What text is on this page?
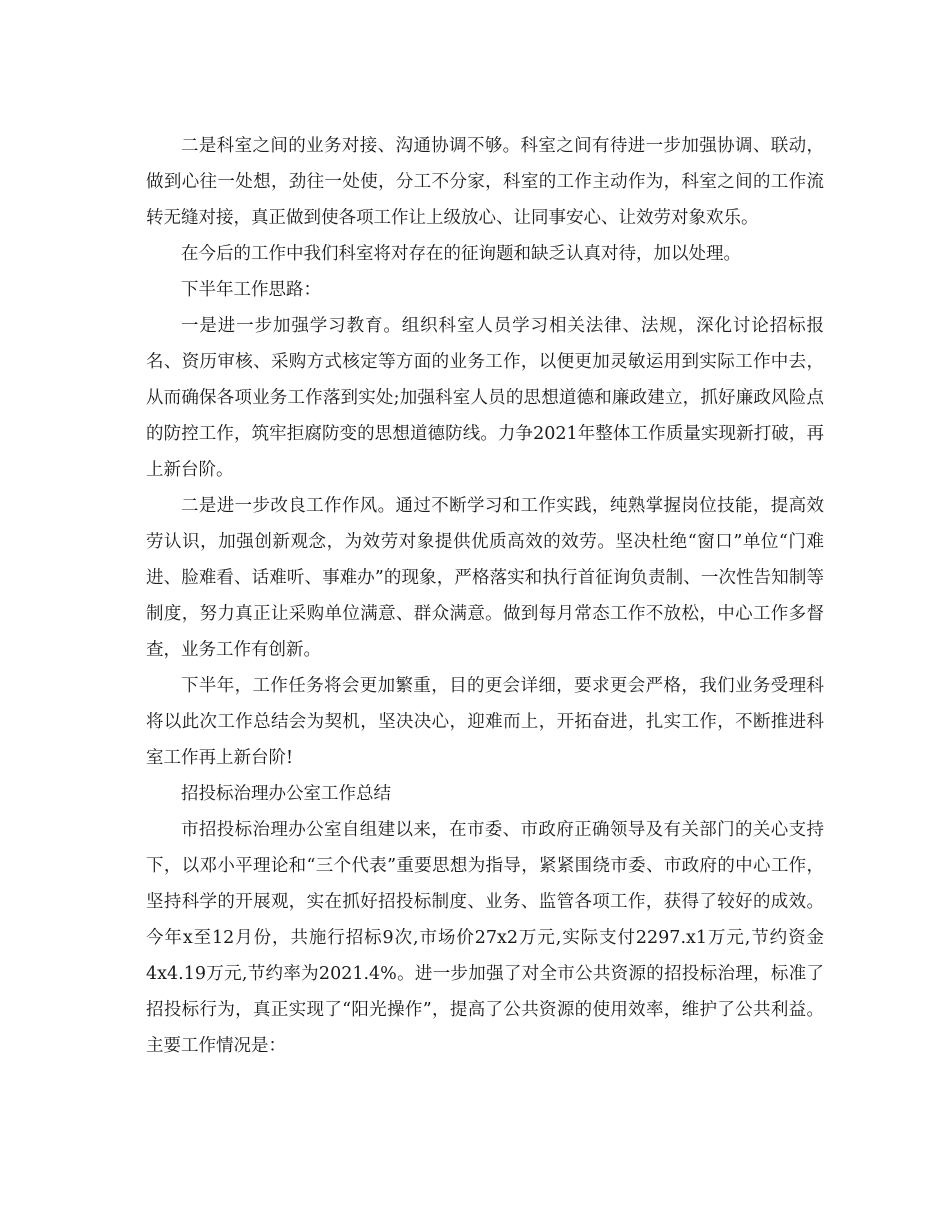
二是科室之间的业务对接、沟通协调不够。科室之间有待进一步加强协调、联动，做到心往一处想，劲往一处使，分工不分家，科室的工作主动作为，科室之间的工作流转无缝对接，真正做到使各项工作让上级放心、让同事安心、让效劳对象欢乐。

在今后的工作中我们科室将对存在的征询题和缺乏认真对待，加以处理。

下半年工作思路：

一是进一步加强学习教育。组织科室人员学习相关法律、法规，深化讨论招标报名、资历审核、采购方式核定等方面的业务工作，以便更加灵敏运用到实际工作中去，从而确保各项业务工作落到实处;加强科室人员的思想道德和廉政建立，抓好廉政风险点的防控工作，筑牢拒腐防变的思想道德防线。力争2021年整体工作质量实现新打破，再上新台阶。

二是进一步改良工作作风。通过不断学习和工作实践，纯熟掌握岗位技能，提高效劳认识，加强创新观念，为效劳对象提供优质高效的效劳。坚决杜绝“窗口”单位“门难进、脸难看、话难听、事难办”的现象，严格落实和执行首征询负责制、一次性告知制等制度，努力真正让采购单位满意、群众满意。做到每月常态工作不放松，中心工作多督查，业务工作有创新。

下半年，工作任务将会更加繁重，目的更会详细，要求更会严格，我们业务受理科将以此次工作总结会为契机，坚决决心，迎难而上，开拓奋进，扎实工作，不断推进科室工作再上新台阶!

招投标治理办公室工作总结

市招投标治理办公室自组建以来，在市委、市政府正确领导及有关部门的关心支持下，以邓小平理论和“三个代表”重要思想为指导，紧紧围绕市委、市政府的中心工作，坚持科学的开展观，实在抓好招投标制度、业务、监管各项工作，获得了较好的成效。今年x至12月份，共施行招标9次,市场价27x2万元,实际支付2297.x1万元,节约资金4x4.19万元,节约率为2021.4%。进一步加强了对全市公共资源的招投标治理，标准了招投标行为，真正实现了“阳光操作”，提高了公共资源的使用效率，维护了公共利益。主要工作情况是：
